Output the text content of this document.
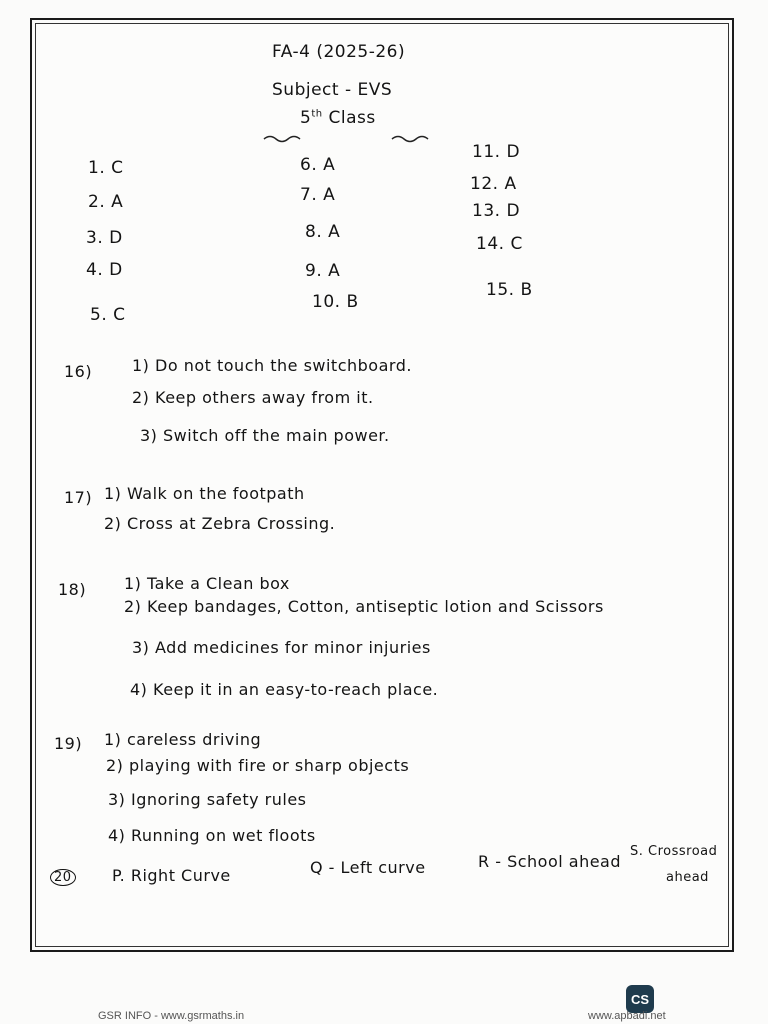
FA-4 (2025-26)
Subject - EVS
5th Class
1. C
2. A
3. D
4. D
5. C
6. A
7. A
8. A
9. A
10. B
11. D
12. A
13. D
14. C
15. B
16) 1) Do not touch the switchboard.
2) Keep others away from it.
3) Switch off the main power.
17) 1) Walk on the footpath
2) Cross at Zebra Crossing.
18) 1) Take a Clean box
2) Keep bandages, Cotton, antiseptic lotion and Scissors
3) Add medicines for minor injuries
4) Keep it in an easy-to-reach place.
19) 1) careless driving
2) playing with fire or sharp objects
3) Ignoring safety rules
4) Running on wet floots
20	P. Right Curve	Q - Left curve	R - School ahead
S. Crossroad
ahead
GSR INFO - www.gsrmaths.in
CS
www.apbadi.net
